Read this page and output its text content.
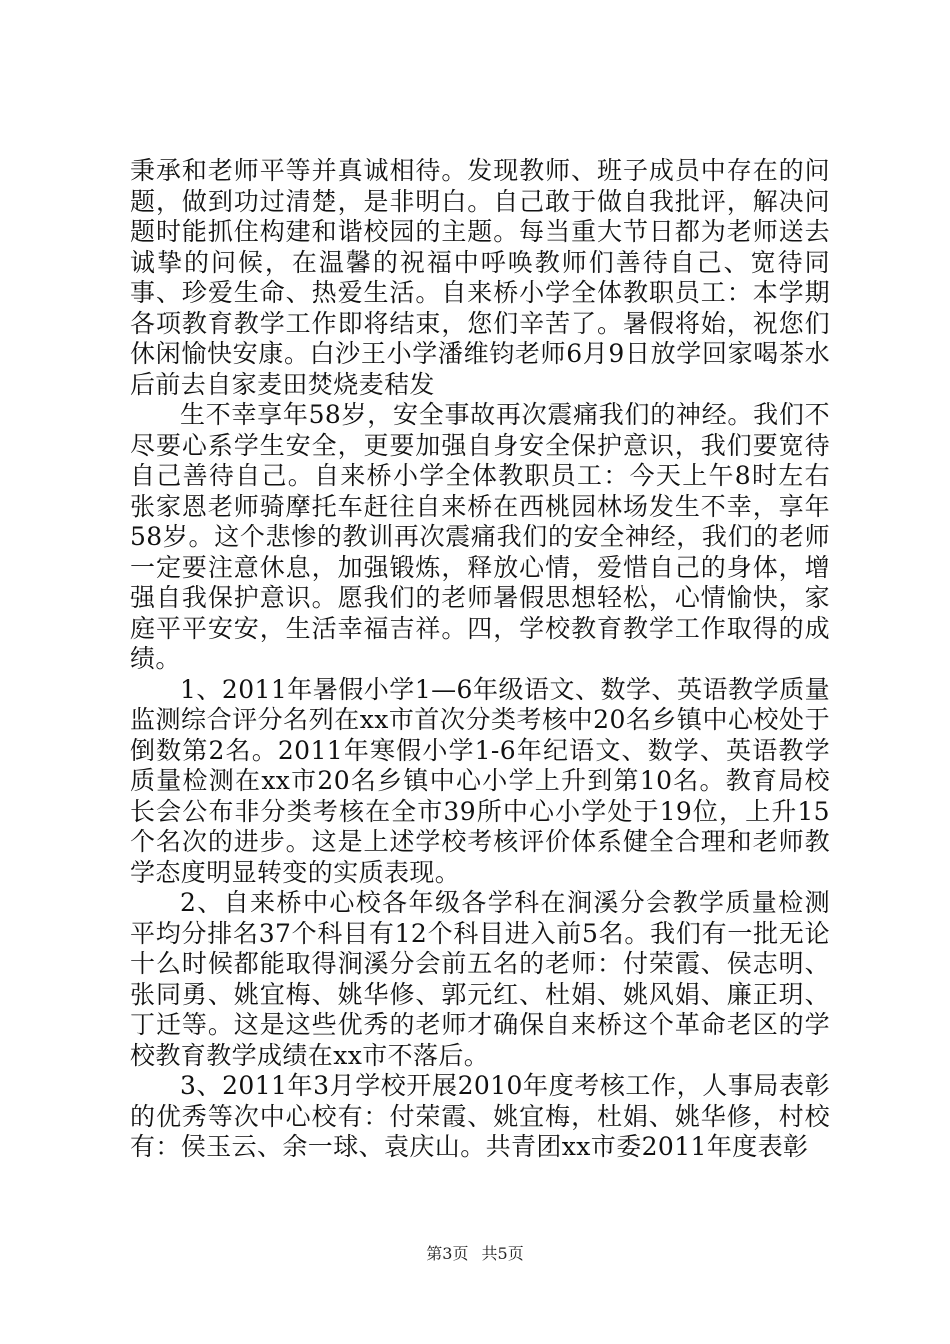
秉承和老师平等并真诚相待。发现教师、班子成员中存在的问题，做到功过清楚，是非明白。自己敢于做自我批评，解决问题时能抓住构建和谐校园的主题。每当重大节日都为老师送去诚挚的问候，在温馨的祝福中呼唤教师们善待自己、宽待同事、珍爱生命、热爱生活。自来桥小学全体教职员工：本学期各项教育教学工作即将结束，您们辛苦了。暑假将始，祝您们休闲愉快安康。白沙王小学潘维钧老师6月9日放学回家喝茶水后前去自家麦田焚烧麦秸发

生不幸享年58岁，安全事故再次震痛我们的神经。我们不尽要心系学生安全，更要加强自身安全保护意识，我们要宽待自己善待自己。自来桥小学全体教职员工：今天上午8时左右张家恩老师骑摩托车赶往自来桥在西桃园林场发生不幸，享年58岁。这个悲惨的教训再次震痛我们的安全神经，我们的老师一定要注意休息，加强锻炼，释放心情，爱惜自己的身体，增强自我保护意识。愿我们的老师暑假思想轻松，心情愉快，家庭平平安安，生活幸福吉祥。四，学校教育教学工作取得的成绩。

1、2011年暑假小学1—6年级语文、数学、英语教学质量监测综合评分名列在xx市首次分类考核中20名乡镇中心校处于倒数第2名。2011年寒假小学1-6年纪语文、数学、英语教学质量检测在xx市20名乡镇中心小学上升到第10名。教育局校长会公布非分类考核在全市39所中心小学处于19位，上升15个名次的进步。这是上述学校考核评价体系健全合理和老师教学态度明显转变的实质表现。

2、自来桥中心校各年级各学科在涧溪分会教学质量检测平均分排名37个科目有12个科目进入前5名。我们有一批无论十么时候都能取得涧溪分会前五名的老师：付荣霞、侯志明、张同勇、姚宜梅、姚华修、郭元红、杜娟、姚风娟、廉正玥、丁迁等。这是这些优秀的老师才确保自来桥这个革命老区的学校教育教学成绩在xx市不落后。

3、2011年3月学校开展2010年度考核工作，人事局表彰的优秀等次中心校有：付荣霞、姚宜梅，杜娟、姚华修，村校有：侯玉云、余一球、袁庆山。共青团xx市委2011年度表彰

第3页 共5页
